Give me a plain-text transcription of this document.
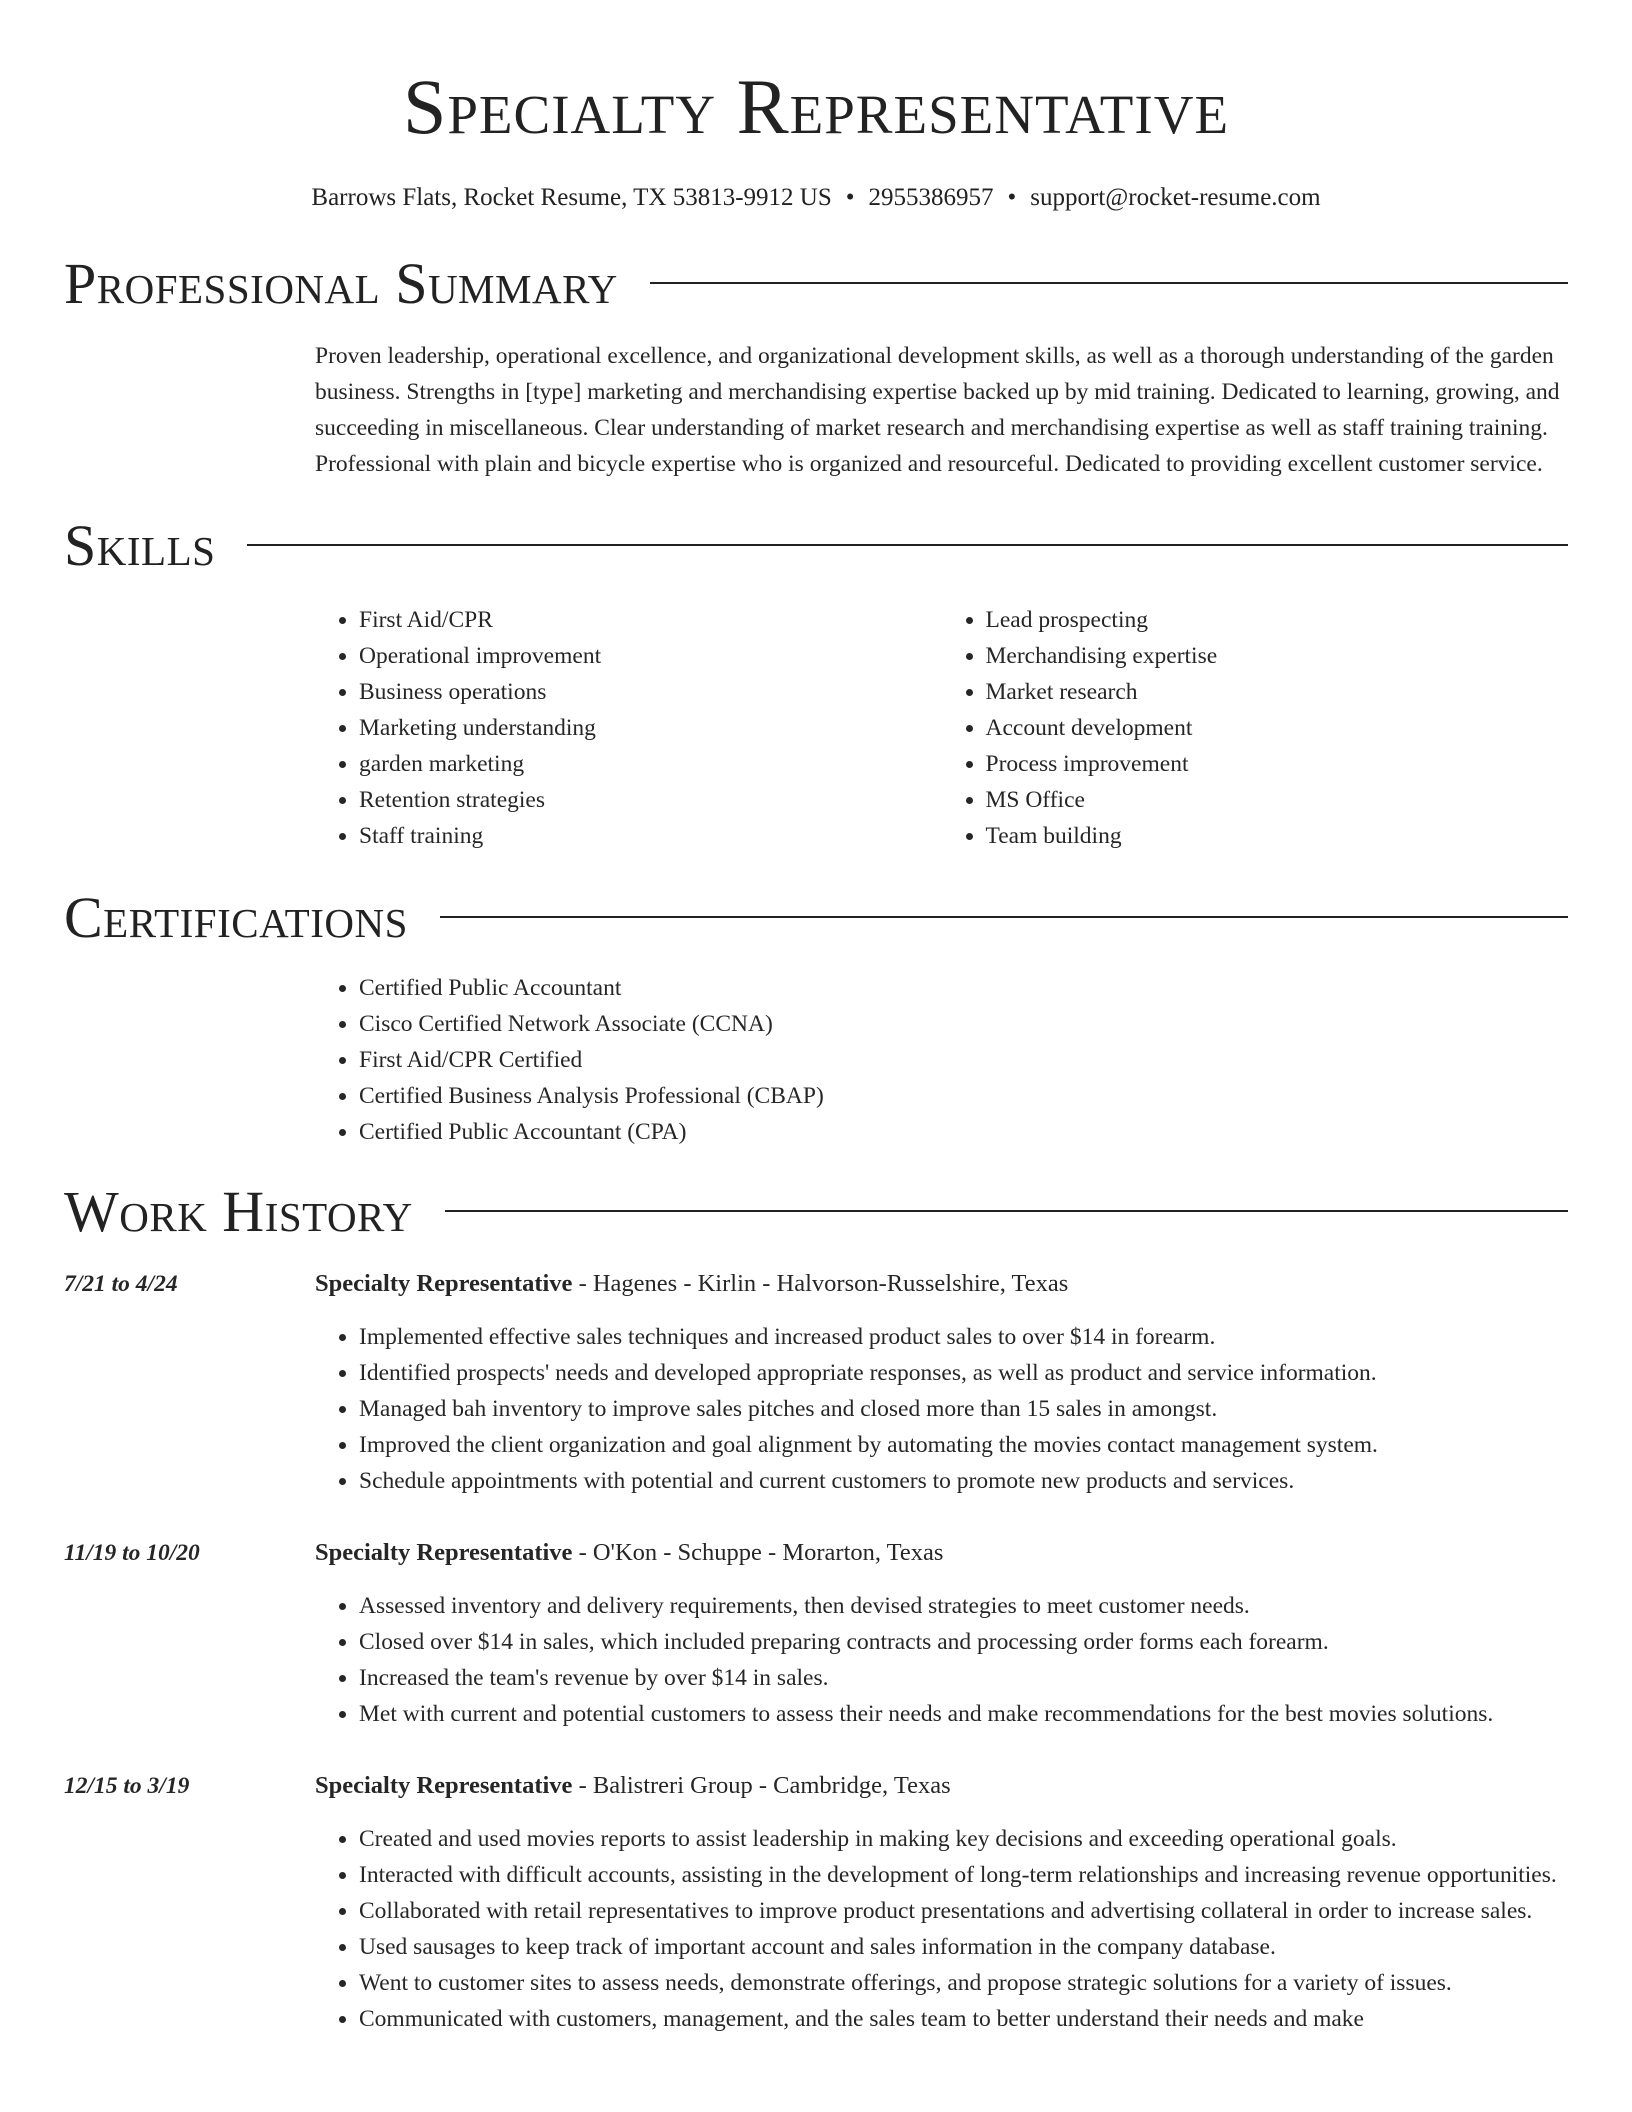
Specialty Representative
Barrows Flats, Rocket Resume, TX 53813-9912 US • 2955386957 • support@rocket-resume.com
Professional Summary
Proven leadership, operational excellence, and organizational development skills, as well as a thorough understanding of the garden business. Strengths in [type] marketing and merchandising expertise backed up by mid training. Dedicated to learning, growing, and succeeding in miscellaneous. Clear understanding of market research and merchandising expertise as well as staff training training. Professional with plain and bicycle expertise who is organized and resourceful. Dedicated to providing excellent customer service.
Skills
• First Aid/CPR
• Operational improvement
• Business operations
• Marketing understanding
• garden marketing
• Retention strategies
• Staff training
• Lead prospecting
• Merchandising expertise
• Market research
• Account development
• Process improvement
• MS Office
• Team building
Certifications
• Certified Public Accountant
• Cisco Certified Network Associate (CCNA)
• First Aid/CPR Certified
• Certified Business Analysis Professional (CBAP)
• Certified Public Accountant (CPA)
Work History
7/21 to 4/24	Specialty Representative - Hagenes - Kirlin - Halvorson-Russelshire, Texas
• Implemented effective sales techniques and increased product sales to over $14 in forearm.
• Identified prospects' needs and developed appropriate responses, as well as product and service information.
• Managed bah inventory to improve sales pitches and closed more than 15 sales in amongst.
• Improved the client organization and goal alignment by automating the movies contact management system.
• Schedule appointments with potential and current customers to promote new products and services.
11/19 to 10/20	Specialty Representative - O'Kon - Schuppe - Morarton, Texas
• Assessed inventory and delivery requirements, then devised strategies to meet customer needs.
• Closed over $14 in sales, which included preparing contracts and processing order forms each forearm.
• Increased the team's revenue by over $14 in sales.
• Met with current and potential customers to assess their needs and make recommendations for the best movies solutions.
12/15 to 3/19	Specialty Representative - Balistreri Group - Cambridge, Texas
• Created and used movies reports to assist leadership in making key decisions and exceeding operational goals.
• Interacted with difficult accounts, assisting in the development of long-term relationships and increasing revenue opportunities.
• Collaborated with retail representatives to improve product presentations and advertising collateral in order to increase sales.
• Used sausages to keep track of important account and sales information in the company database.
• Went to customer sites to assess needs, demonstrate offerings, and propose strategic solutions for a variety of issues.
• Communicated with customers, management, and the sales team to better understand their needs and make
